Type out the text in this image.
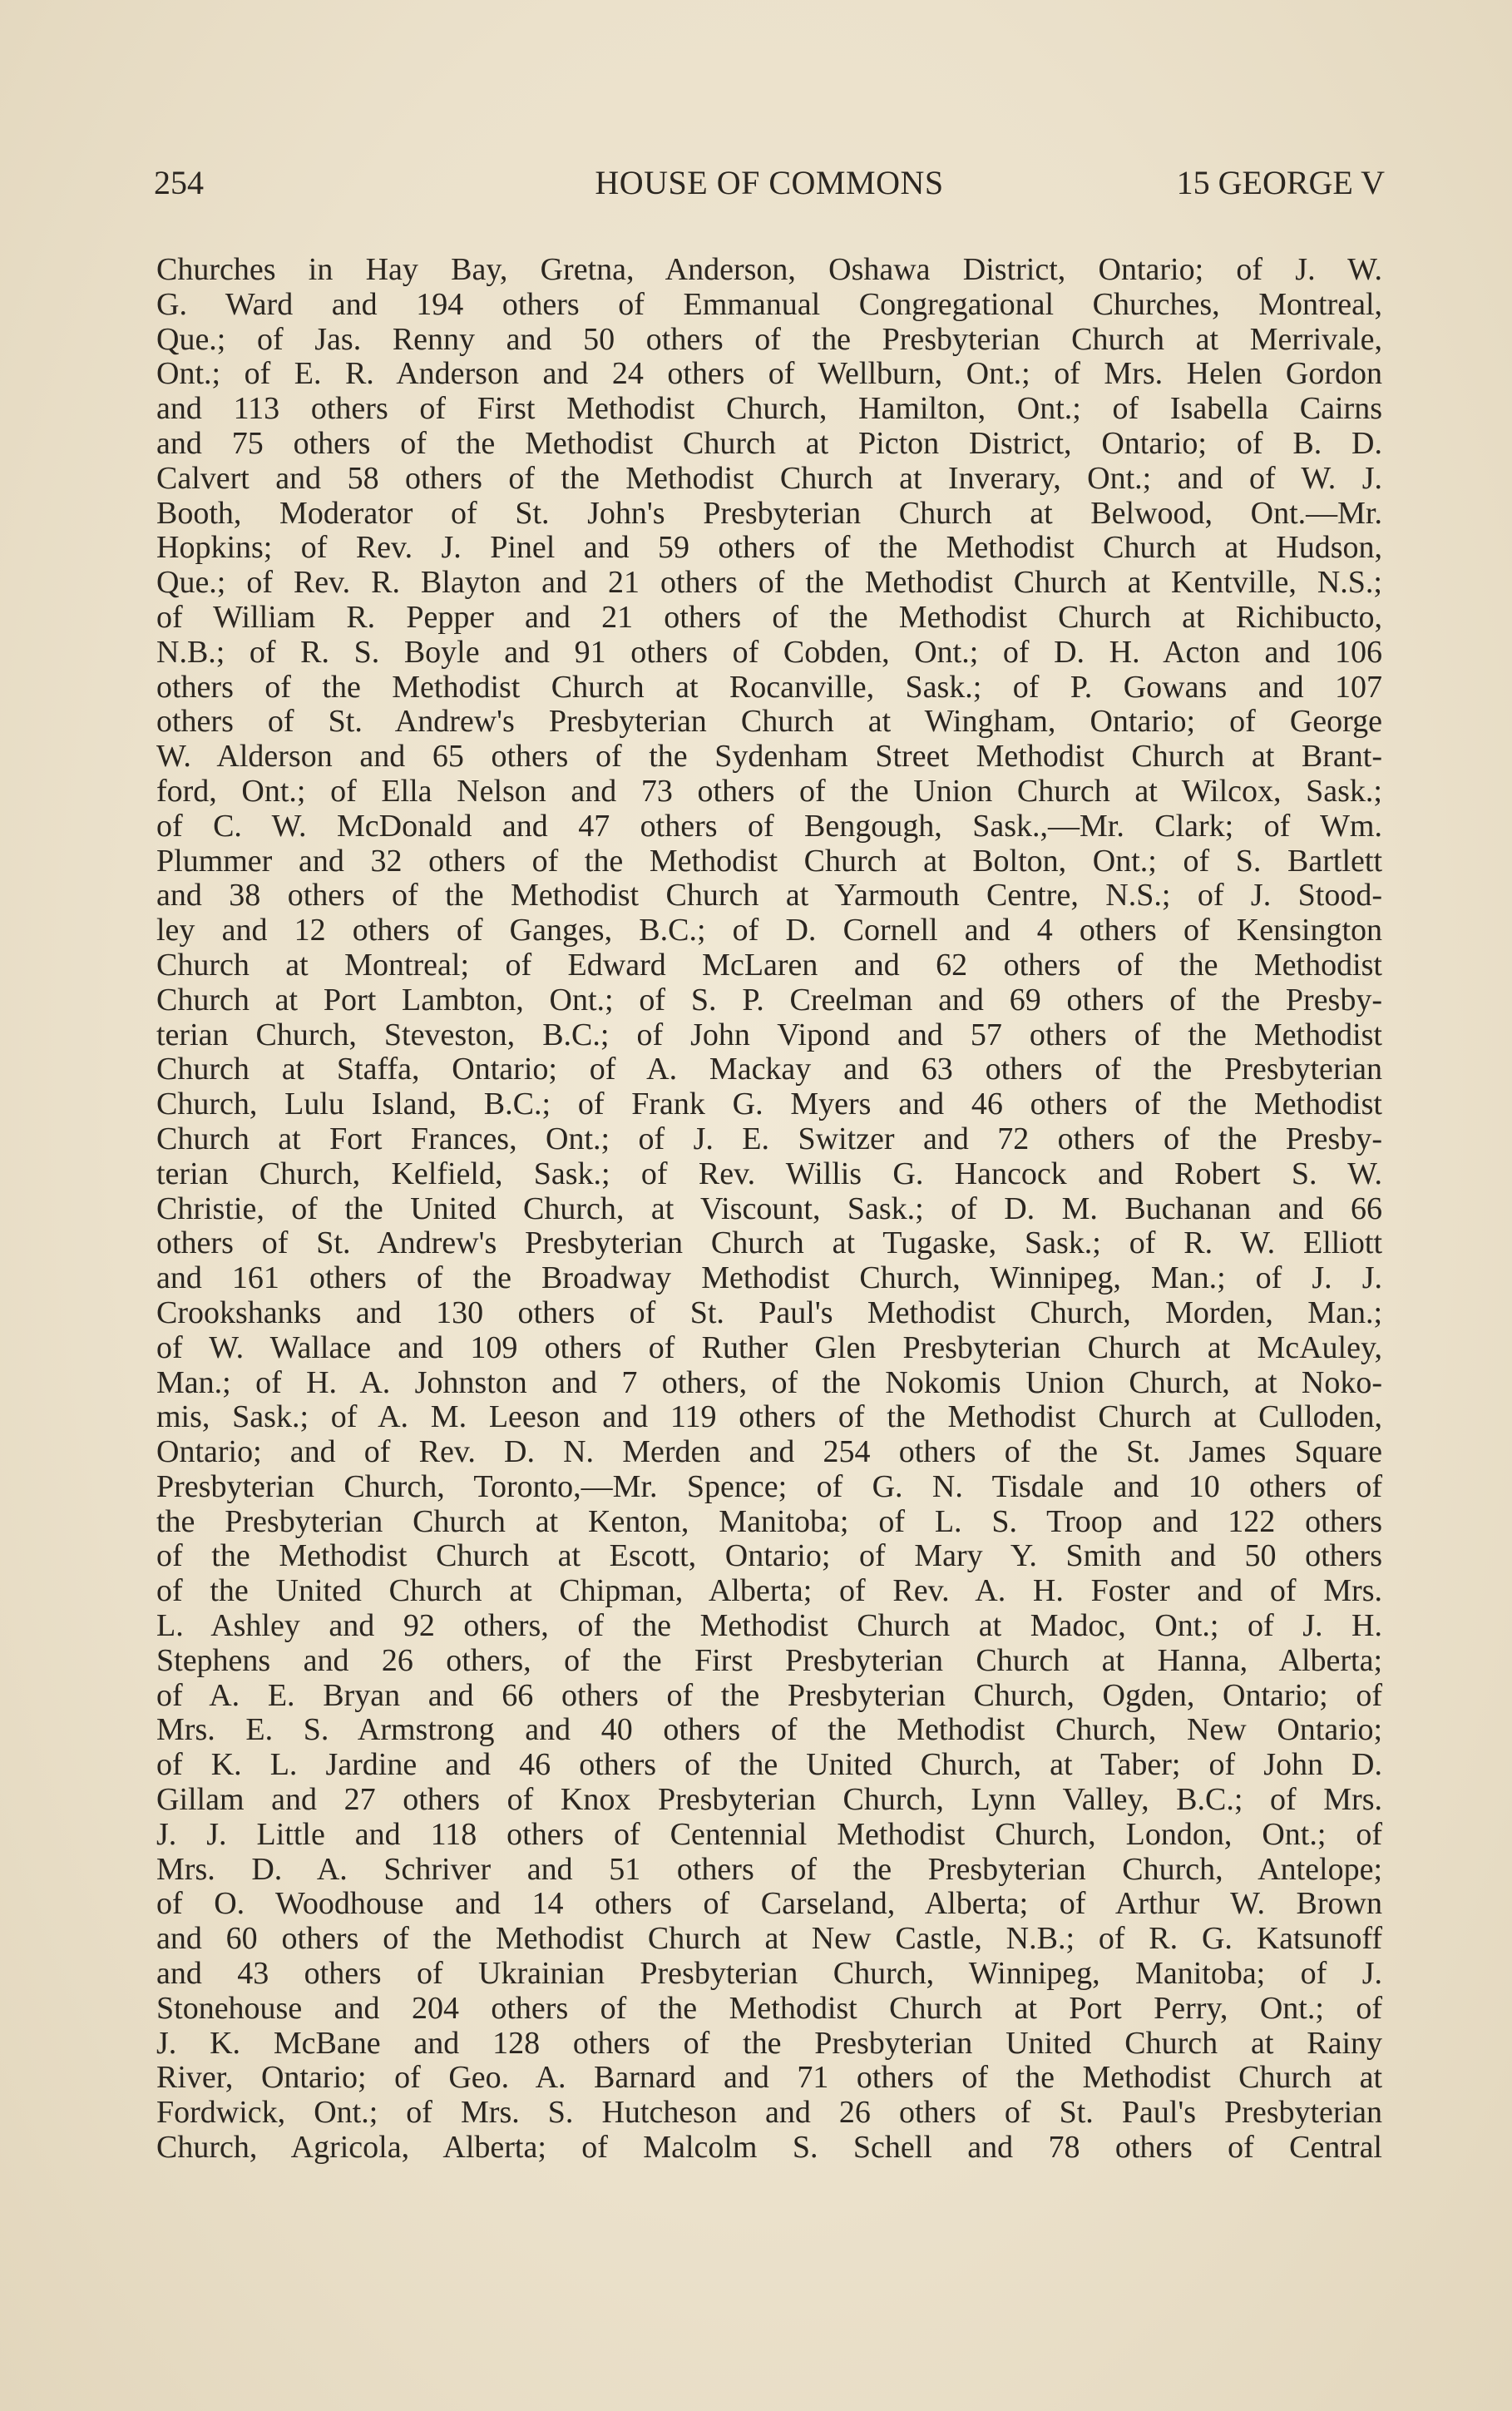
254	HOUSE OF COMMONS	15 GEORGE V
Churches in Hay Bay, Gretna, Anderson, Oshawa District, Ontario; of J. W.
G. Ward and 194 others of Emmanual Congregational Churches, Montreal,
Que.; of Jas. Renny and 50 others of the Presbyterian Church at Merrivale,
Ont.; of E. R. Anderson and 24 others of Wellburn, Ont.; of Mrs. Helen Gordon
and 113 others of First Methodist Church, Hamilton, Ont.; of Isabella Cairns
and 75 others of the Methodist Church at Picton District, Ontario; of B. D.
Calvert and 58 others of the Methodist Church at Inverary, Ont.; and of W. J.
Booth, Moderator of St. John's Presbyterian Church at Belwood, Ont.—Mr.
Hopkins; of Rev. J. Pinel and 59 others of the Methodist Church at Hudson,
Que.; of Rev. R. Blayton and 21 others of the Methodist Church at Kentville, N.S.;
of William R. Pepper and 21 others of the Methodist Church at Richibucto,
N.B.; of R. S. Boyle and 91 others of Cobden, Ont.; of D. H. Acton and 106
others of the Methodist Church at Rocanville, Sask.; of P. Gowans and 107
others of St. Andrew's Presbyterian Church at Wingham, Ontario; of George
W. Alderson and 65 others of the Sydenham Street Methodist Church at Brant-
ford, Ont.; of Ella Nelson and 73 others of the Union Church at Wilcox, Sask.;
of C. W. McDonald and 47 others of Bengough, Sask.,—Mr. Clark; of Wm.
Plummer and 32 others of the Methodist Church at Bolton, Ont.; of S. Bartlett
and 38 others of the Methodist Church at Yarmouth Centre, N.S.; of J. Stood-
ley and 12 others of Ganges, B.C.; of D. Cornell and 4 others of Kensington
Church at Montreal; of Edward McLaren and 62 others of the Methodist
Church at Port Lambton, Ont.; of S. P. Creelman and 69 others of the Presby-
terian Church, Steveston, B.C.; of John Vipond and 57 others of the Methodist
Church at Staffa, Ontario; of A. Mackay and 63 others of the Presbyterian
Church, Lulu Island, B.C.; of Frank G. Myers and 46 others of the Methodist
Church at Fort Frances, Ont.; of J. E. Switzer and 72 others of the Presby-
terian Church, Kelfield, Sask.; of Rev. Willis G. Hancock and Robert S. W.
Christie, of the United Church, at Viscount, Sask.; of D. M. Buchanan and 66
others of St. Andrew's Presbyterian Church at Tugaske, Sask.; of R. W. Elliott
and 161 others of the Broadway Methodist Church, Winnipeg, Man.; of J. J.
Crookshanks and 130 others of St. Paul's Methodist Church, Morden, Man.;
of W. Wallace and 109 others of Ruther Glen Presbyterian Church at McAuley,
Man.; of H. A. Johnston and 7 others, of the Nokomis Union Church, at Noko-
mis, Sask.; of A. M. Leeson and 119 others of the Methodist Church at Culloden,
Ontario; and of Rev. D. N. Merden and 254 others of the St. James Square
Presbyterian Church, Toronto,—Mr. Spence; of G. N. Tisdale and 10 others of
the Presbyterian Church at Kenton, Manitoba; of L. S. Troop and 122 others
of the Methodist Church at Escott, Ontario; of Mary Y. Smith and 50 others
of the United Church at Chipman, Alberta; of Rev. A. H. Foster and of Mrs.
L. Ashley and 92 others, of the Methodist Church at Madoc, Ont.; of J. H.
Stephens and 26 others, of the First Presbyterian Church at Hanna, Alberta;
of A. E. Bryan and 66 others of the Presbyterian Church, Ogden, Ontario; of
Mrs. E. S. Armstrong and 40 others of the Methodist Church, New Ontario;
of K. L. Jardine and 46 others of the United Church, at Taber; of John D.
Gillam and 27 others of Knox Presbyterian Church, Lynn Valley, B.C.; of Mrs.
J. J. Little and 118 others of Centennial Methodist Church, London, Ont.; of
Mrs. D. A. Schriver and 51 others of the Presbyterian Church, Antelope;
of O. Woodhouse and 14 others of Carseland, Alberta; of Arthur W. Brown
and 60 others of the Methodist Church at New Castle, N.B.; of R. G. Katsunoff
and 43 others of Ukrainian Presbyterian Church, Winnipeg, Manitoba; of J.
Stonehouse and 204 others of the Methodist Church at Port Perry, Ont.; of
J. K. McBane and 128 others of the Presbyterian United Church at Rainy
River, Ontario; of Geo. A. Barnard and 71 others of the Methodist Church at
Fordwick, Ont.; of Mrs. S. Hutcheson and 26 others of St. Paul's Presbyterian
Church, Agricola, Alberta; of Malcolm S. Schell and 78 others of Central
